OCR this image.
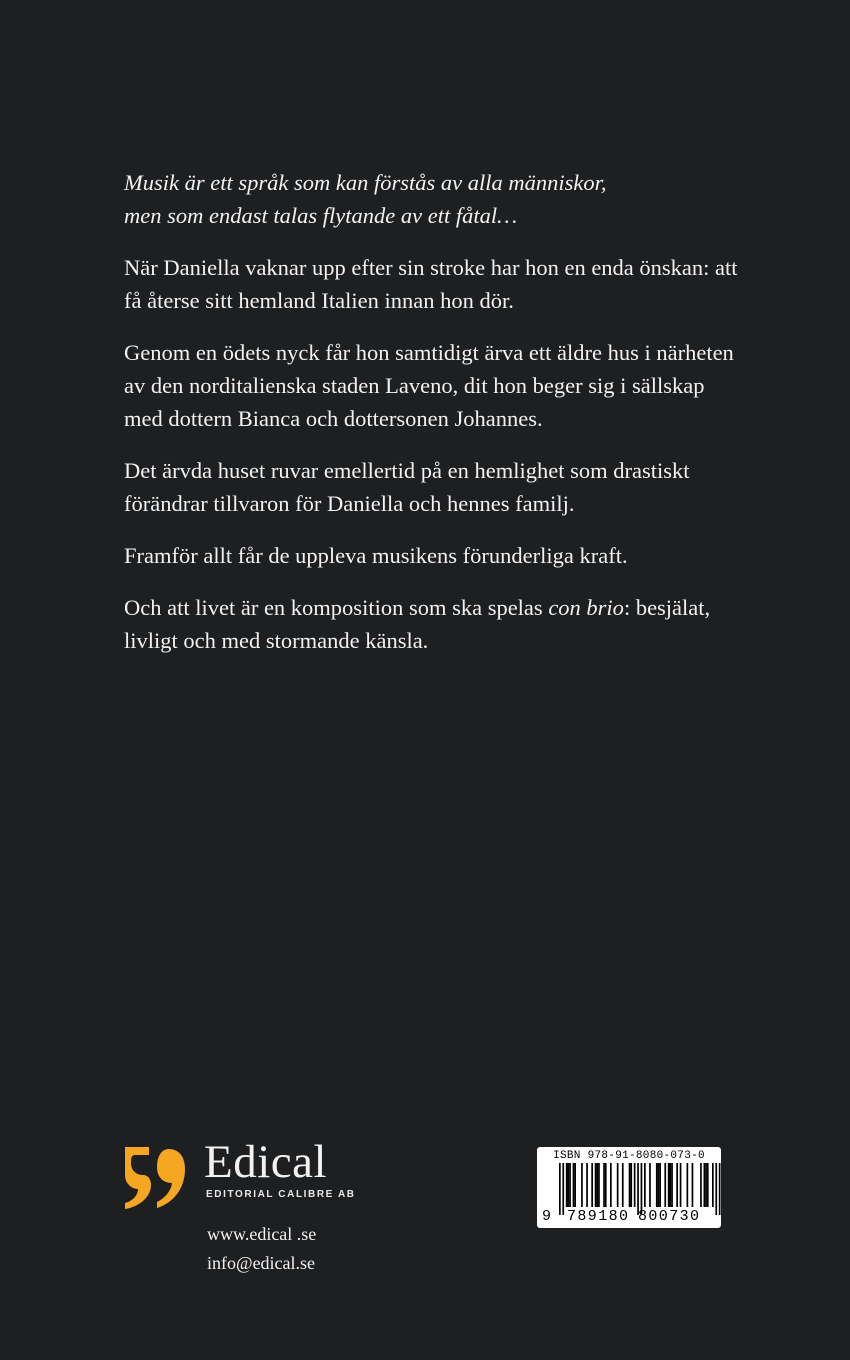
Musik är ett språk som kan förstås av alla människor,
men som endast talas flytande av ett fåtal…

När Daniella vaknar upp efter sin stroke har hon en enda önskan: att få återse sitt hemland Italien innan hon dör.

Genom en ödets nyck får hon samtidigt ärva ett äldre hus i närheten av den norditalienska staden Laveno, dit hon beger sig i sällskap med dottern Bianca och dottersonen Johannes.

Det ärvda huset ruvar emellertid på en hemlighet som drastiskt förändrar tillvaron för Daniella och hennes familj.

Framför allt får de uppleva musikens förunderliga kraft.

Och att livet är en komposition som ska spelas con brio: besjälat, livligt och med stormande känsla.

Edical
EDITORIAL CALIBRE AB
www.edical .se
info@edical.se
ISBN 978-91-8080-073-0
9 789180 800730
